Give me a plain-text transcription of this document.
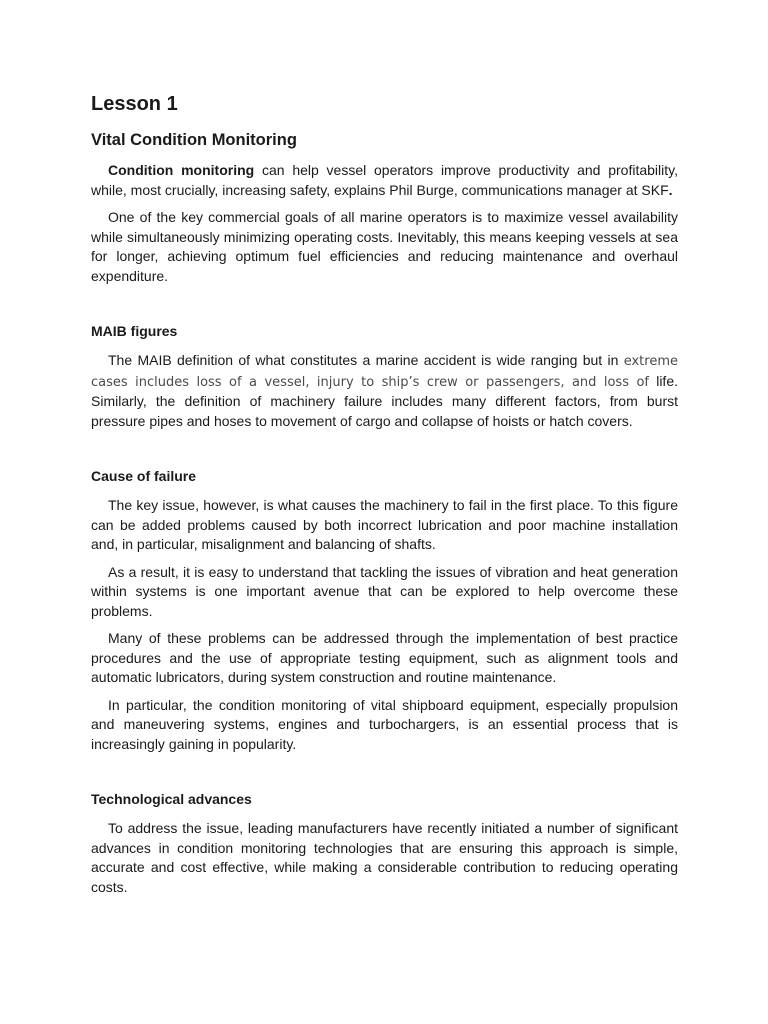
Lesson 1
Vital Condition Monitoring

Condition monitoring can help vessel operators improve productivity and profitability, while, most crucially, increasing safety, explains Phil Burge, communications manager at SKF.

One of the key commercial goals of all marine operators is to maximize vessel availability while simultaneously minimizing operating costs. Inevitably, this means keeping vessels at sea for longer, achieving optimum fuel efficiencies and reducing maintenance and overhaul expenditure.

MAIB figures

The MAIB definition of what constitutes a marine accident is wide ranging but in extreme cases includes loss of a vessel, injury to ship’s crew or passengers, and loss of life. Similarly, the definition of machinery failure includes many different factors, from burst pressure pipes and hoses to movement of cargo and collapse of hoists or hatch covers.

Cause of failure

The key issue, however, is what causes the machinery to fail in the first place. To this figure can be added problems caused by both incorrect lubrication and poor machine installation and, in particular, misalignment and balancing of shafts.

As a result, it is easy to understand that tackling the issues of vibration and heat generation within systems is one important avenue that can be explored to help overcome these problems.

Many of these problems can be addressed through the implementation of best practice procedures and the use of appropriate testing equipment, such as alignment tools and automatic lubricators, during system construction and routine maintenance.

In particular, the condition monitoring of vital shipboard equipment, especially propulsion and maneuvering systems, engines and turbochargers, is an essential process that is increasingly gaining in popularity.

Technological advances

To address the issue, leading manufacturers have recently initiated a number of significant advances in condition monitoring technologies that are ensuring this approach is simple, accurate and cost effective, while making a considerable contribution to reducing operating costs.
